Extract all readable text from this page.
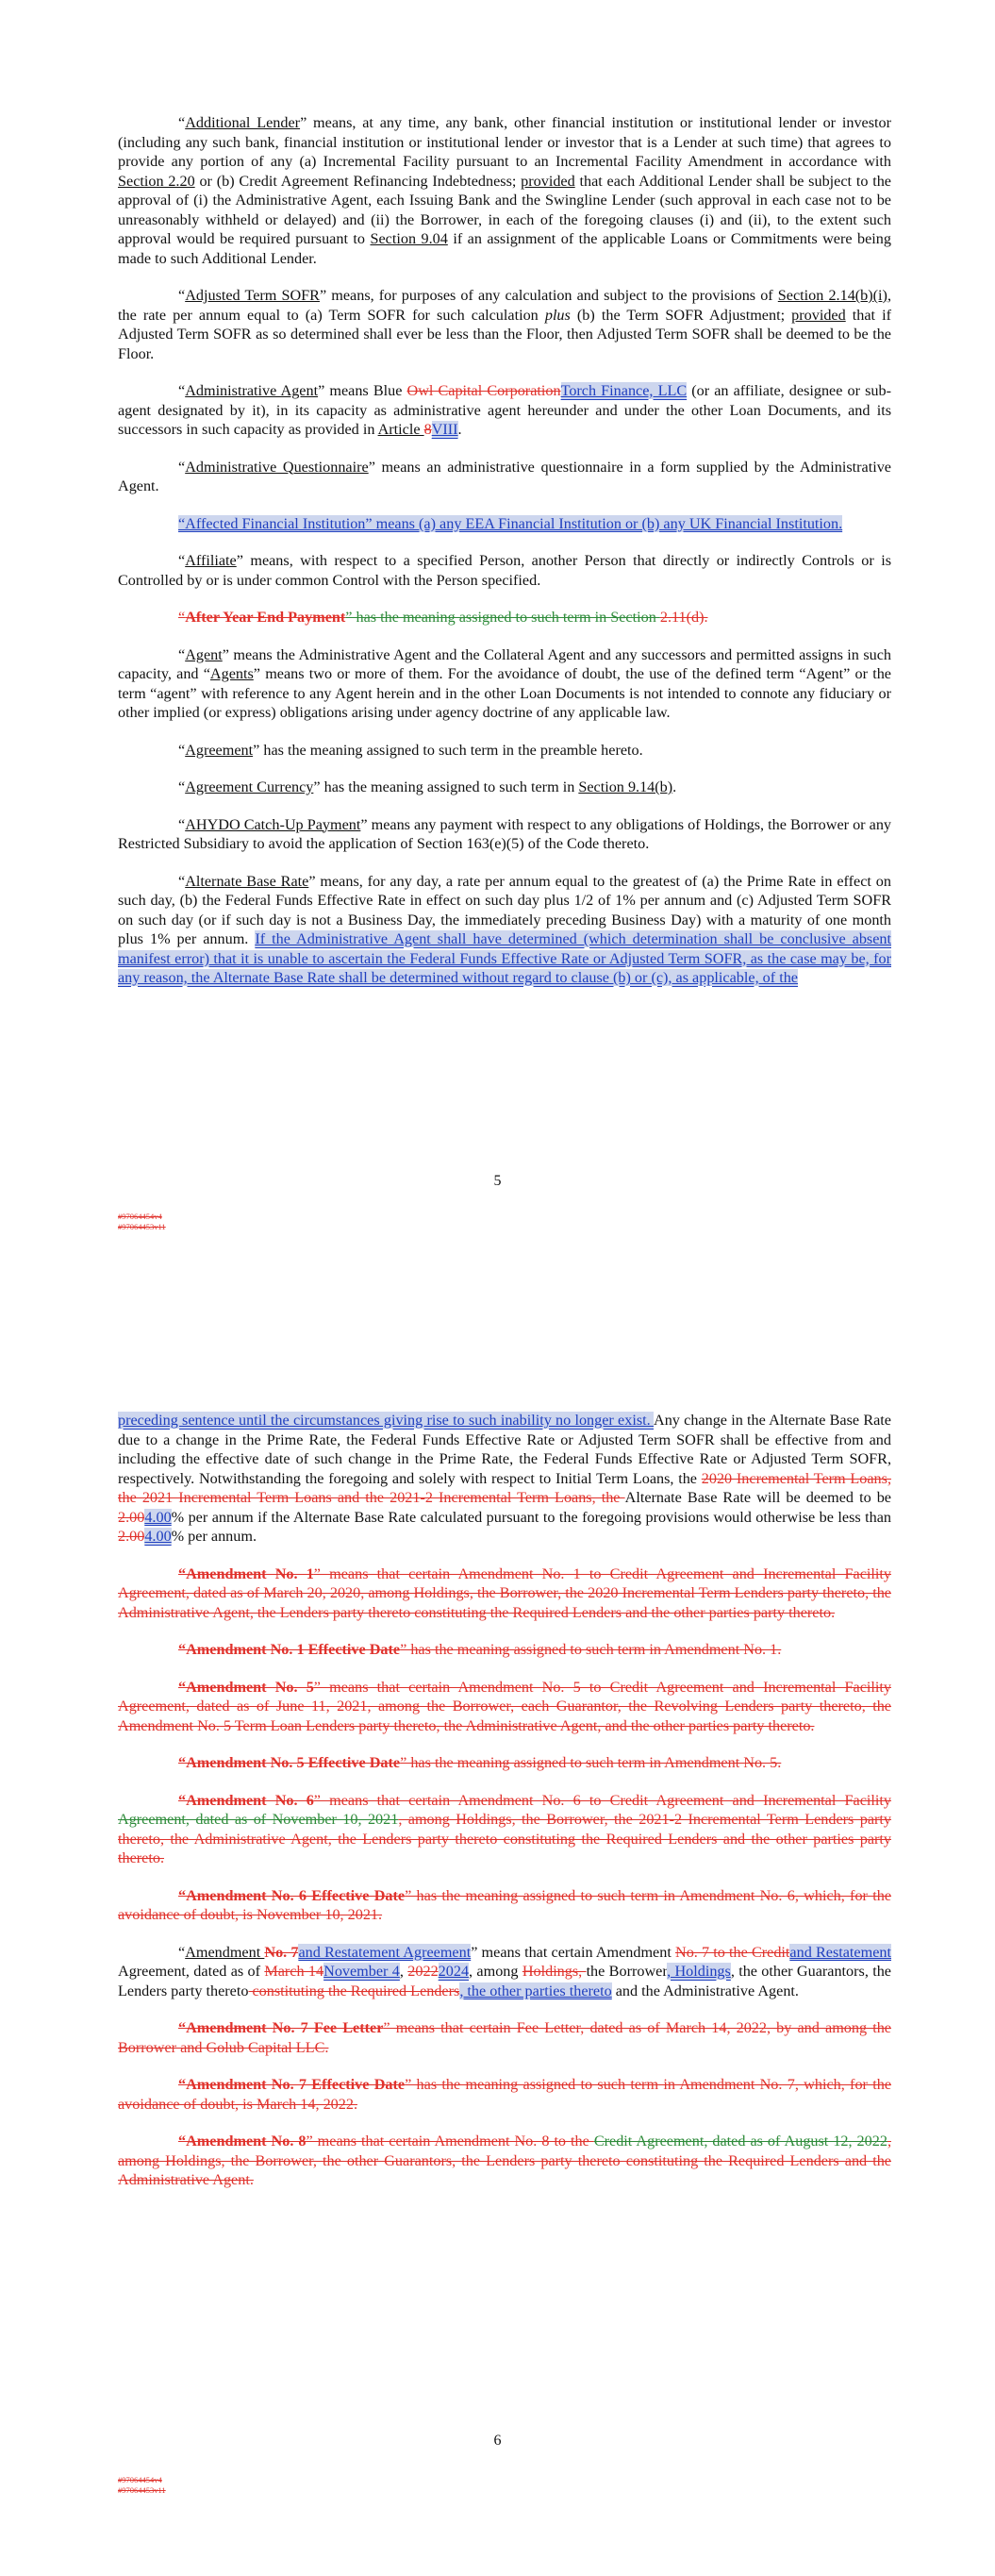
“Additional Lender” means, at any time, any bank, other financial institution or institutional lender or investor (including any such bank, financial institution or institutional lender or investor that is a Lender at such time) that agrees to provide any portion of any (a) Incremental Facility pursuant to an Incremental Facility Amendment in accordance with Section 2.20 or (b) Credit Agreement Refinancing Indebtedness; provided that each Additional Lender shall be subject to the approval of (i) the Administrative Agent, each Issuing Bank and the Swingline Lender (such approval in each case not to be unreasonably withheld or delayed) and (ii) the Borrower, in each of the foregoing clauses (i) and (ii), to the extent such approval would be required pursuant to Section 9.04 if an assignment of the applicable Loans or Commitments were being made to such Additional Lender.

“Adjusted Term SOFR” means, for purposes of any calculation and subject to the provisions of Section 2.14(b)(i), the rate per annum equal to (a) Term SOFR for such calculation plus (b) the Term SOFR Adjustment; provided that if Adjusted Term SOFR as so determined shall ever be less than the Floor, then Adjusted Term SOFR shall be deemed to be the Floor.

“Administrative Agent” means Blue Owl Capital CorporationTorch Finance, LLC (or an affiliate, designee or sub-agent designated by it), in its capacity as administrative agent hereunder and under the other Loan Documents, and its successors in such capacity as provided in Article 8VIII.

“Administrative Questionnaire” means an administrative questionnaire in a form supplied by the Administrative Agent.

“Affected Financial Institution” means (a) any EEA Financial Institution or (b) any UK Financial Institution.

“Affiliate” means, with respect to a specified Person, another Person that directly or indirectly Controls or is Controlled by or is under common Control with the Person specified.

“After Year End Payment” has the meaning assigned to such term in Section 2.11(d).

“Agent” means the Administrative Agent and the Collateral Agent and any successors and permitted assigns in such capacity, and “Agents” means two or more of them. For the avoidance of doubt, the use of the defined term “Agent” or the term “agent” with reference to any Agent herein and in the other Loan Documents is not intended to connote any fiduciary or other implied (or express) obligations arising under agency doctrine of any applicable law.

“Agreement” has the meaning assigned to such term in the preamble hereto.

“Agreement Currency” has the meaning assigned to such term in Section 9.14(b).

“AHYDO Catch-Up Payment” means any payment with respect to any obligations of Holdings, the Borrower or any Restricted Subsidiary to avoid the application of Section 163(e)(5) of the Code thereto.

“Alternate Base Rate” means, for any day, a rate per annum equal to the greatest of (a) the Prime Rate in effect on such day, (b) the Federal Funds Effective Rate in effect on such day plus 1/2 of 1% per annum and (c) Adjusted Term SOFR on such day (or if such day is not a Business Day, the immediately preceding Business Day) with a maturity of one month plus 1% per annum. If the Administrative Agent shall have determined (which determination shall be conclusive absent manifest error) that it is unable to ascertain the Federal Funds Effective Rate or Adjusted Term SOFR, as the case may be, for any reason, the Alternate Base Rate shall be determined without regard to clause (b) or (c), as applicable, of the

5
#97064454v4
#97064453v11

preceding sentence until the circumstances giving rise to such inability no longer exist. Any change in the Alternate Base Rate due to a change in the Prime Rate, the Federal Funds Effective Rate or Adjusted Term SOFR shall be effective from and including the effective date of such change in the Prime Rate, the Federal Funds Effective Rate or Adjusted Term SOFR, respectively. Notwithstanding the foregoing and solely with respect to Initial Term Loans, the 2020 Incremental Term Loans, the 2021 Incremental Term Loans and the 2021-2 Incremental Term Loans, the Alternate Base Rate will be deemed to be 2.004.00% per annum if the Alternate Base Rate calculated pursuant to the foregoing provisions would otherwise be less than 2.004.00% per annum.

“Amendment No. 1” means that certain Amendment No. 1 to Credit Agreement and Incremental Facility Agreement, dated as of March 20, 2020, among Holdings, the Borrower, the 2020 Incremental Term Lenders party thereto, the Administrative Agent, the Lenders party thereto constituting the Required Lenders and the other parties party thereto.

“Amendment No. 1 Effective Date” has the meaning assigned to such term in Amendment No. 1.

“Amendment No. 5” means that certain Amendment No. 5 to Credit Agreement and Incremental Facility Agreement, dated as of June 11, 2021, among the Borrower, each Guarantor, the Revolving Lenders party thereto, the Amendment No. 5 Term Loan Lenders party thereto, the Administrative Agent, and the other parties party thereto.

“Amendment No. 5 Effective Date” has the meaning assigned to such term in Amendment No. 5.

“Amendment No. 6” means that certain Amendment No. 6 to Credit Agreement and Incremental Facility Agreement, dated as of November 10, 2021, among Holdings, the Borrower, the 2021-2 Incremental Term Lenders party thereto, the Administrative Agent, the Lenders party thereto constituting the Required Lenders and the other parties party thereto.

“Amendment No. 6 Effective Date” has the meaning assigned to such term in Amendment No. 6, which, for the avoidance of doubt, is November 10, 2021.

“Amendment No. 7and Restatement Agreement” means that certain Amendment No. 7 to the Creditand Restatement Agreement, dated as of March 14November 4, 20222024, among Holdings, the Borrower, Holdings, the other Guarantors, the Lenders party thereto constituting the Required Lenders, the other parties thereto and the Administrative Agent.

“Amendment No. 7 Fee Letter” means that certain Fee Letter, dated as of March 14, 2022, by and among the Borrower and Golub Capital LLC.

“Amendment No. 7 Effective Date” has the meaning assigned to such term in Amendment No. 7, which, for the avoidance of doubt, is March 14, 2022.

“Amendment No. 8” means that certain Amendment No. 8 to the Credit Agreement, dated as of August 12, 2022, among Holdings, the Borrower, the other Guarantors, the Lenders party thereto constituting the Required Lenders and the Administrative Agent.

6
#97064454v4
#97064453v11
